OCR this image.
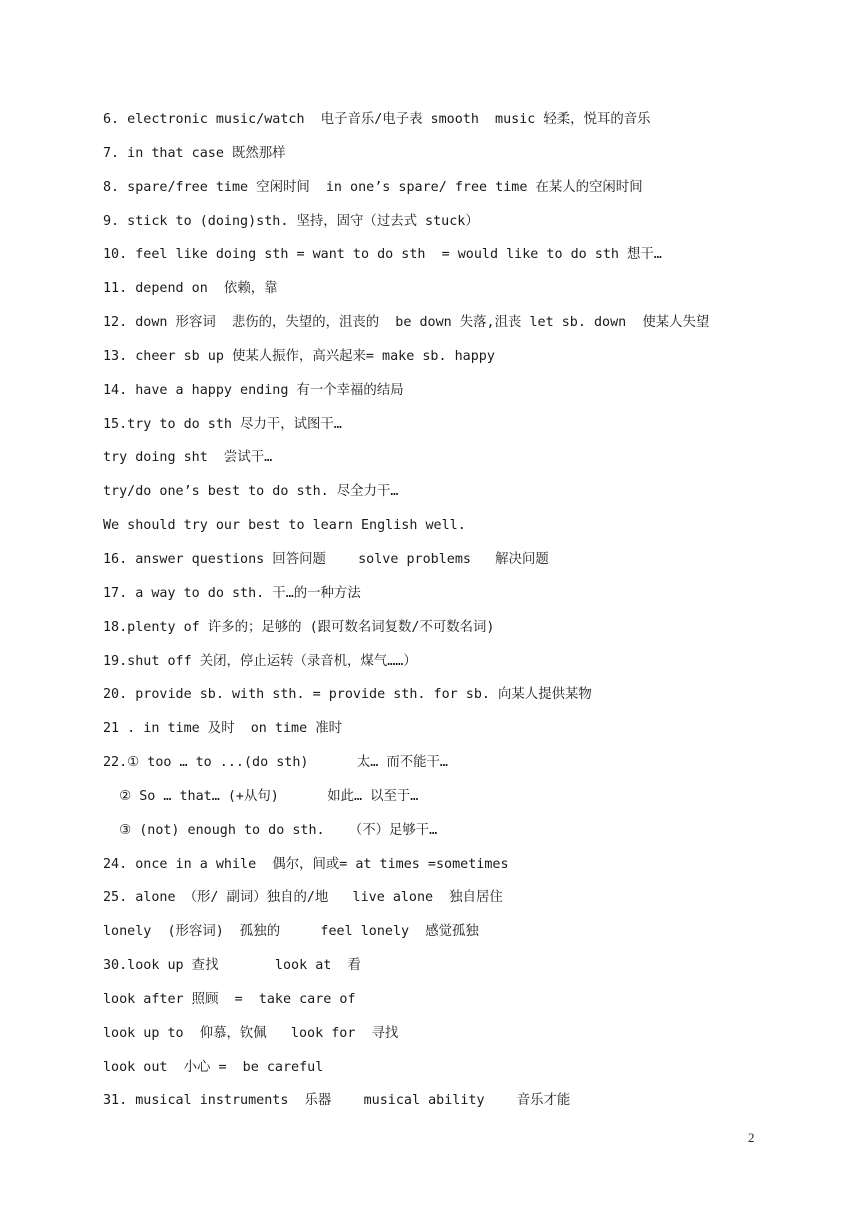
6. electronic music/watch  电子音乐/电子表 smooth  music 轻柔，悦耳的音乐
7. in that case 既然那样
8. spare/free time 空闲时间  in one’s spare/ free time 在某人的空闲时间
9. stick to (doing)sth. 坚持，固守（过去式 stuck）
10. feel like doing sth = want to do sth  = would like to do sth 想干…
11. depend on  依赖，靠
12. down 形容词  悲伤的，失望的，沮丧的  be down 失落,沮丧 let sb. down  使某人失望
13. cheer sb up 使某人振作，高兴起来= make sb. happy
14. have a happy ending 有一个幸福的结局
15.try to do sth 尽力干，试图干…
try doing sht  尝试干…
try/do one’s best to do sth. 尽全力干…
We should try our best to learn English well.
16. answer questions 回答问题    solve problems   解决问题
17. a way to do sth. 干…的一种方法
18.plenty of 许多的；足够的 (跟可数名词复数/不可数名词)
19.shut off 关闭，停止运转（录音机，煤气……）
20. provide sb. with sth. = provide sth. for sb. 向某人提供某物
21 . in time 及时  on time 准时
22.① too … to ...(do sth)      太… 而不能干…
② So … that… (+从句)      如此… 以至于…
③ (not) enough to do sth.   （不）足够干…
24. once in a while  偶尔，间或= at times =sometimes
25. alone （形/ 副词）独自的/地   live alone  独自居住
lonely  (形容词)  孤独的     feel lonely  感觉孤独
30.look up 查找       look at  看
look after 照顾  =  take care of
look up to  仰慕，钦佩   look for  寻找
look out  小心 =  be careful
31. musical instruments  乐器    musical ability    音乐才能
2
